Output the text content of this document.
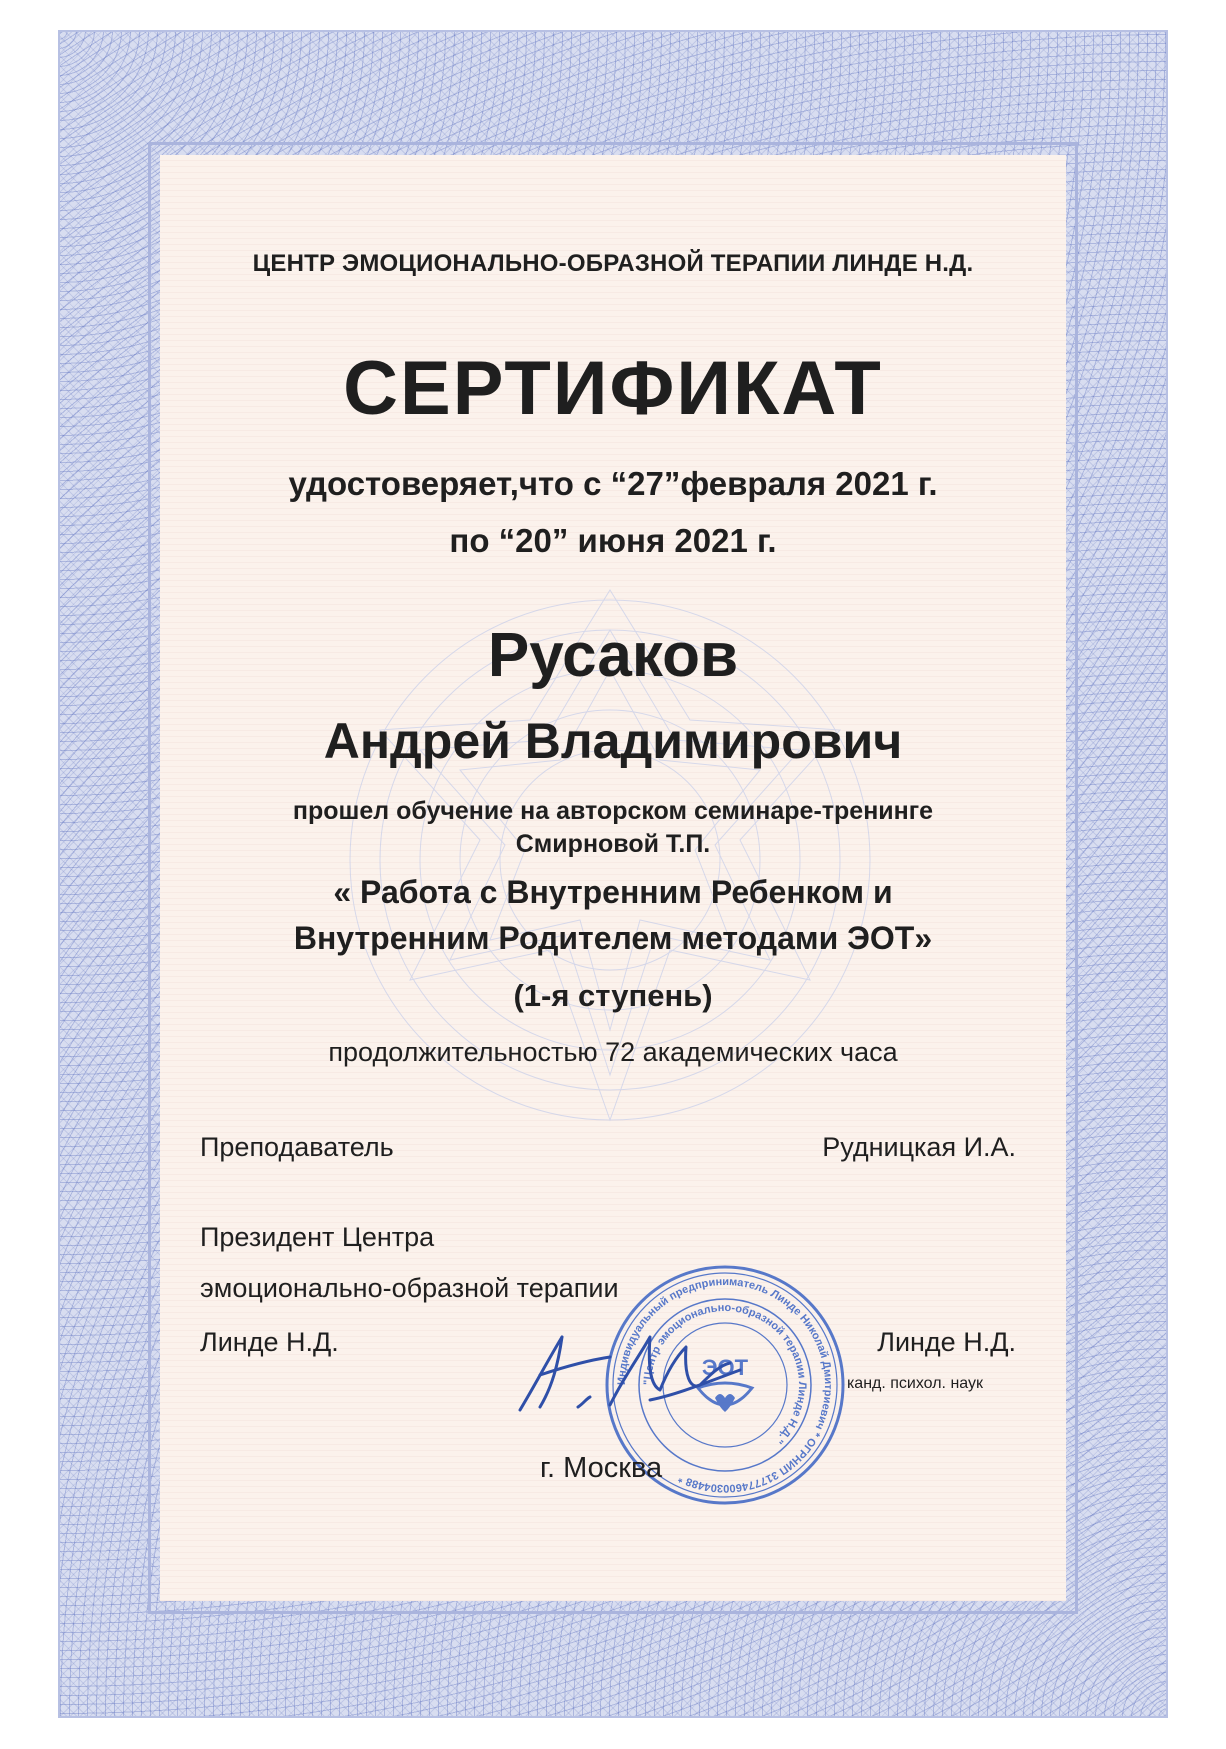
ЦЕНТР ЭМОЦИОНАЛЬНО-ОБРАЗНОЙ ТЕРАПИИ ЛИНДЕ Н.Д.
СЕРТИФИКАТ
удостоверяет,что с “27”февраля 2021 г.
по “20” июня 2021 г.
Русаков
Андрей Владимирович
прошел обучение на авторском семинаре-тренинге
Смирновой Т.П.
« Работа с Внутренним Ребенком и
Внутренним Родителем методами ЭОТ»
(1-я ступень)
продолжительностью 72 академических часа
Преподаватель	Рудницкая И.А.
Президент Центра
эмоционально-образной терапии
Линде Н.Д.	Линде Н.Д.
канд. психол. наук
Индивидуальный предприниматель Линде Николай Дмитриевич * ОГРНИП 317774600304488 *
"Центр эмоционально-образной терапии Линде Н.Д."
ЭОТ
г. Москва
